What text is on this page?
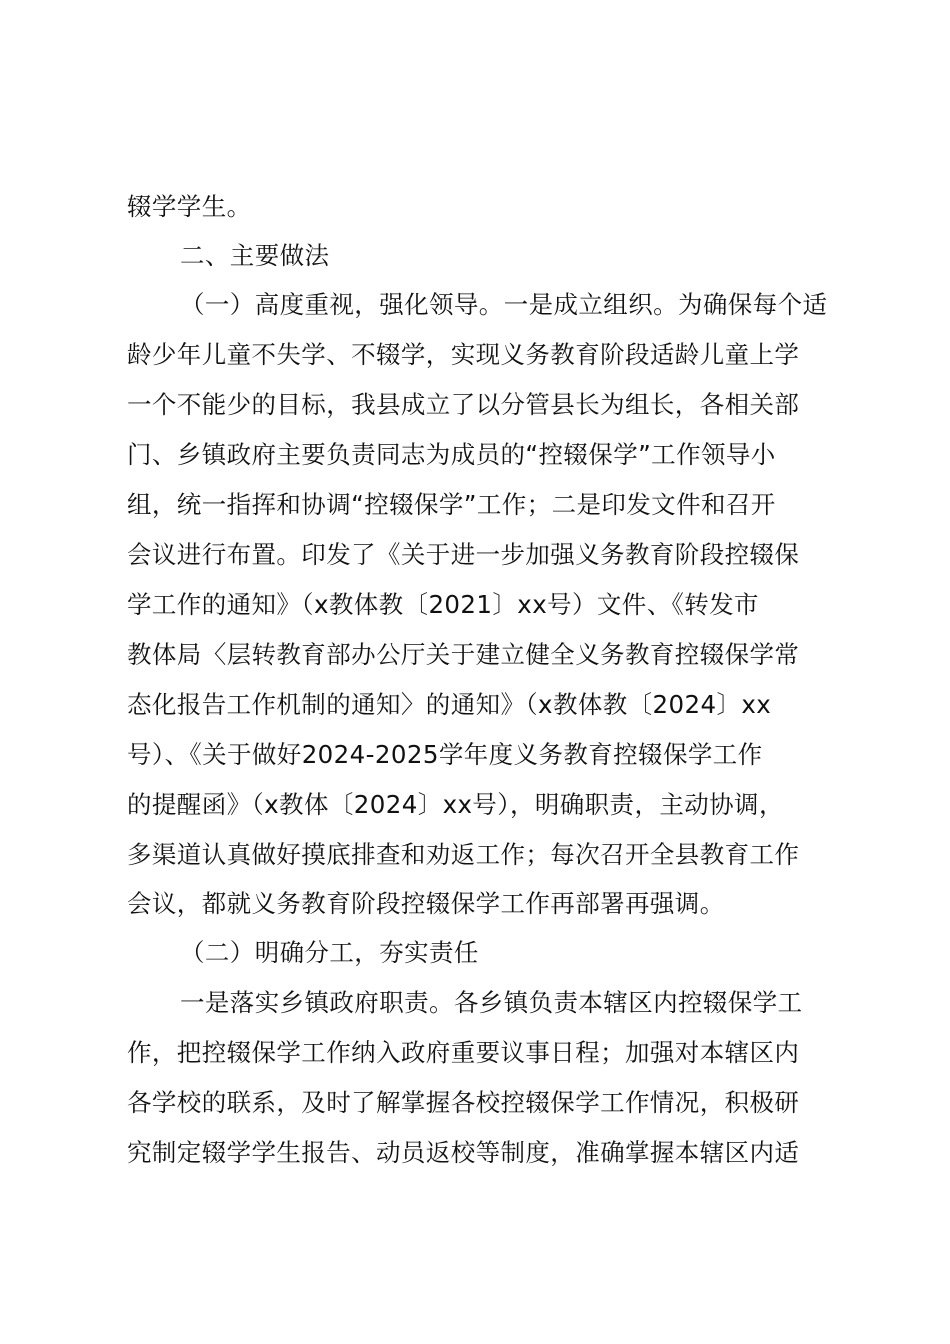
辍学学生。
二、主要做法
（一）高度重视，强化领导。一是成立组织。为确保每个适
龄少年儿童不失学、不辍学，实现义务教育阶段适龄儿童上学
一个不能少的目标，我县成立了以分管县长为组长，各相关部
门、乡镇政府主要负责同志为成员的“控辍保学”工作领导小
组，统一指挥和协调“控辍保学”工作；二是印发文件和召开
会议进行布置。印发了《关于进一步加强义务教育阶段控辍保
学工作的通知》（x教体教〔2021〕xx号）文件、《转发市
教体局〈层转教育部办公厅关于建立健全义务教育控辍保学常
态化报告工作机制的通知〉的通知》（x教体教〔2024〕xx
号）、《关于做好2024-2025学年度义务教育控辍保学工作
的提醒函》（x教体〔2024〕xx号），明确职责，主动协调，
多渠道认真做好摸底排查和劝返工作；每次召开全县教育工作
会议，都就义务教育阶段控辍保学工作再部署再强调。
（二）明确分工，夯实责任
一是落实乡镇政府职责。各乡镇负责本辖区内控辍保学工
作，把控辍保学工作纳入政府重要议事日程；加强对本辖区内
各学校的联系，及时了解掌握各校控辍保学工作情况，积极研
究制定辍学学生报告、动员返校等制度，准确掌握本辖区内适
